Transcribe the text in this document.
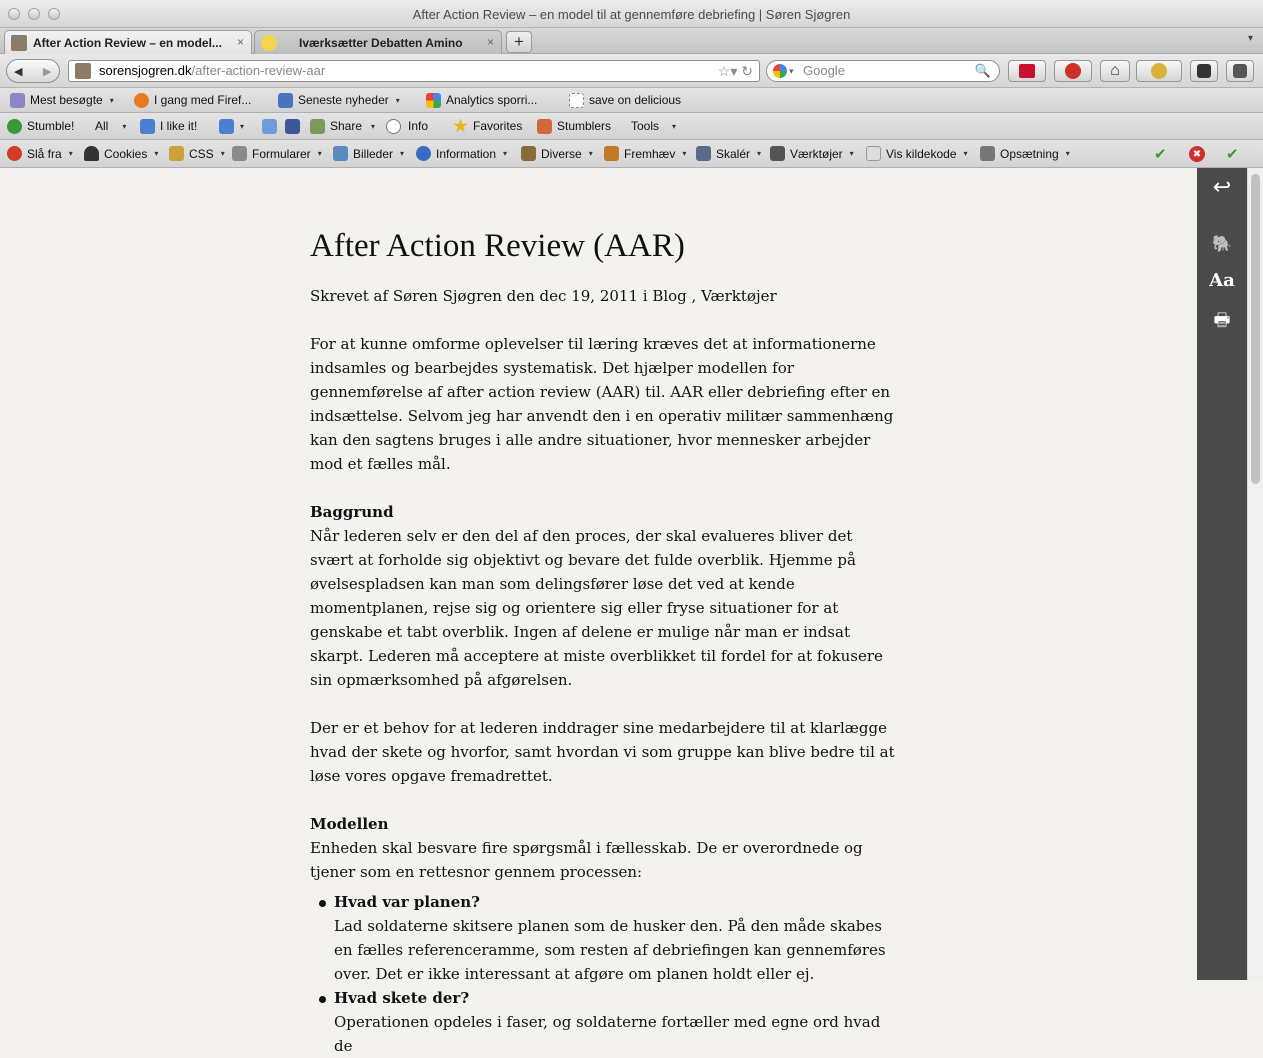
After Action Review – en model til at gennemføre debriefing | Søren Sjøgren
After Action Review – en model... ×	Iværksætter Debatten Amino ×	+	▾
◀ ▶	sorensjogren.dk/after-action-review-aar	☆▾ ↻	▾ Google	🔍	⌂
Mest besøgte ▾	I gang med Firef...	Seneste nyheder ▾	Analytics sporri...	save on delicious
Stumble! All ▾	I like it!	▾	Share ▾	Info	Favorites	Stumblers Tools ▾
Slå fra ▾	Cookies ▾	CSS ▾ Formularer ▾	Billeder ▾	Information ▾	Diverse ▾	Fremhæv ▾ Skalér ▾ Værktøjer ▾	Vis kildekode ▾	Opsætning ▾	✔	✖ ✔
↩
🐘
Aa
🖶
After Action Review (AAR)
Skrevet af Søren Sjøgren den dec 19, 2011 i Blog , Værktøjer

For at kunne omforme oplevelser til læring kræves det at informationerne indsamles og bearbejdes systematisk. Det hjælper modellen for gennemførelse af after action review (AAR) til. AAR eller debriefing efter en indsættelse. Selvom jeg har anvendt den i en operativ militær sammenhæng kan den sagtens bruges i alle andre situationer, hvor mennesker arbejder mod et fælles mål.

Baggrund
Når lederen selv er den del af den proces, der skal evalueres bliver det svært at forholde sig objektivt og bevare det fulde overblik. Hjemme på øvelsespladsen kan man som delingsfører løse det ved at kende momentplanen, rejse sig og orientere sig eller fryse situationer for at genskabe et tabt overblik. Ingen af delene er mulige når man er indsat skarpt. Lederen må acceptere at miste overblikket til fordel for at fokusere sin opmærksomhed på afgørelsen.

Der er et behov for at lederen inddrager sine medarbejdere til at klarlægge hvad der skete og hvorfor, samt hvordan vi som gruppe kan blive bedre til at løse vores opgave fremadrettet.

Modellen
Enheden skal besvare fire spørgsmål i fællesskab. De er overordnede og tjener som en rettesnor gennem processen:

Hvad var planen?
Lad soldaterne skitsere planen som de husker den. På den måde skabes en fælles referenceramme, som resten af debriefingen kan gennemføres over. Det er ikke interessant at afgøre om planen holdt eller ej.
Hvad skete der?
Operationen opdeles i faser, og soldaterne fortæller med egne ord hvad de
